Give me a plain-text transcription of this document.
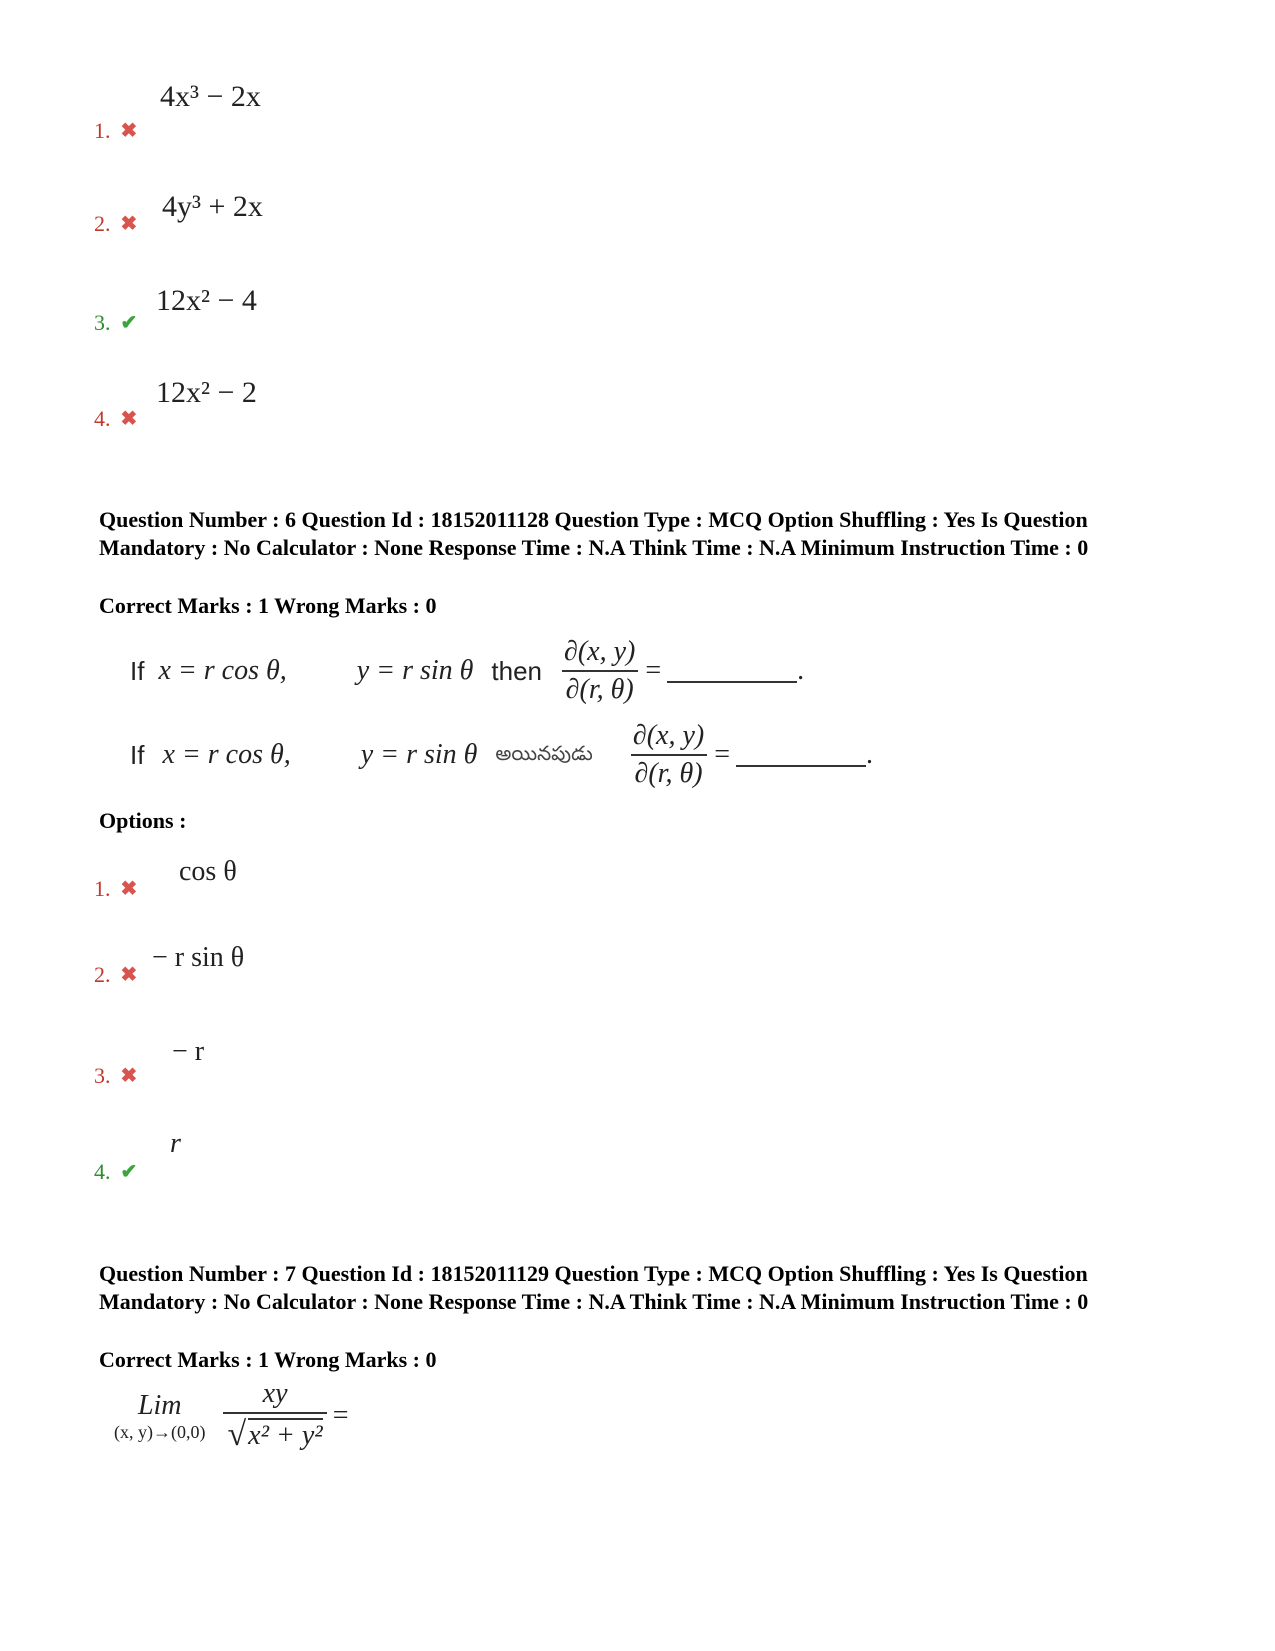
4x³ − 2x
1. ✖
4y³ + 2x
2. ✖
12x² − 4
3. ✔
12x² − 2
4. ✖
Question Number : 6 Question Id : 18152011128 Question Type : MCQ Option Shuffling : Yes Is Question Mandatory : No Calculator : None Response Time : N.A Think Time : N.A Minimum Instruction Time : 0
Correct Marks : 1 Wrong Marks : 0
If x = r cos θ,	y = r sin θ then $\frac{\partial(x, y)}{\partial(r, \theta)}$ =	.
If x = r cos θ,	y = r sin θ అయినపుడు $\frac{\partial(x, y)}{\partial(r, \theta)}$ =	.
Options :
cos θ
1. ✖
− r sin θ
2. ✖
− r
3. ✖
r
4. ✔
Question Number : 7 Question Id : 18152011129 Question Type : MCQ Option Shuffling : Yes Is Question Mandatory : No Calculator : None Response Time : N.A Think Time : N.A Minimum Instruction Time : 0
Correct Marks : 1 Wrong Marks : 0
Lim
(x, $y)\to(0,0) \frac{xy}{\text{√ x² + y²}}$ =
